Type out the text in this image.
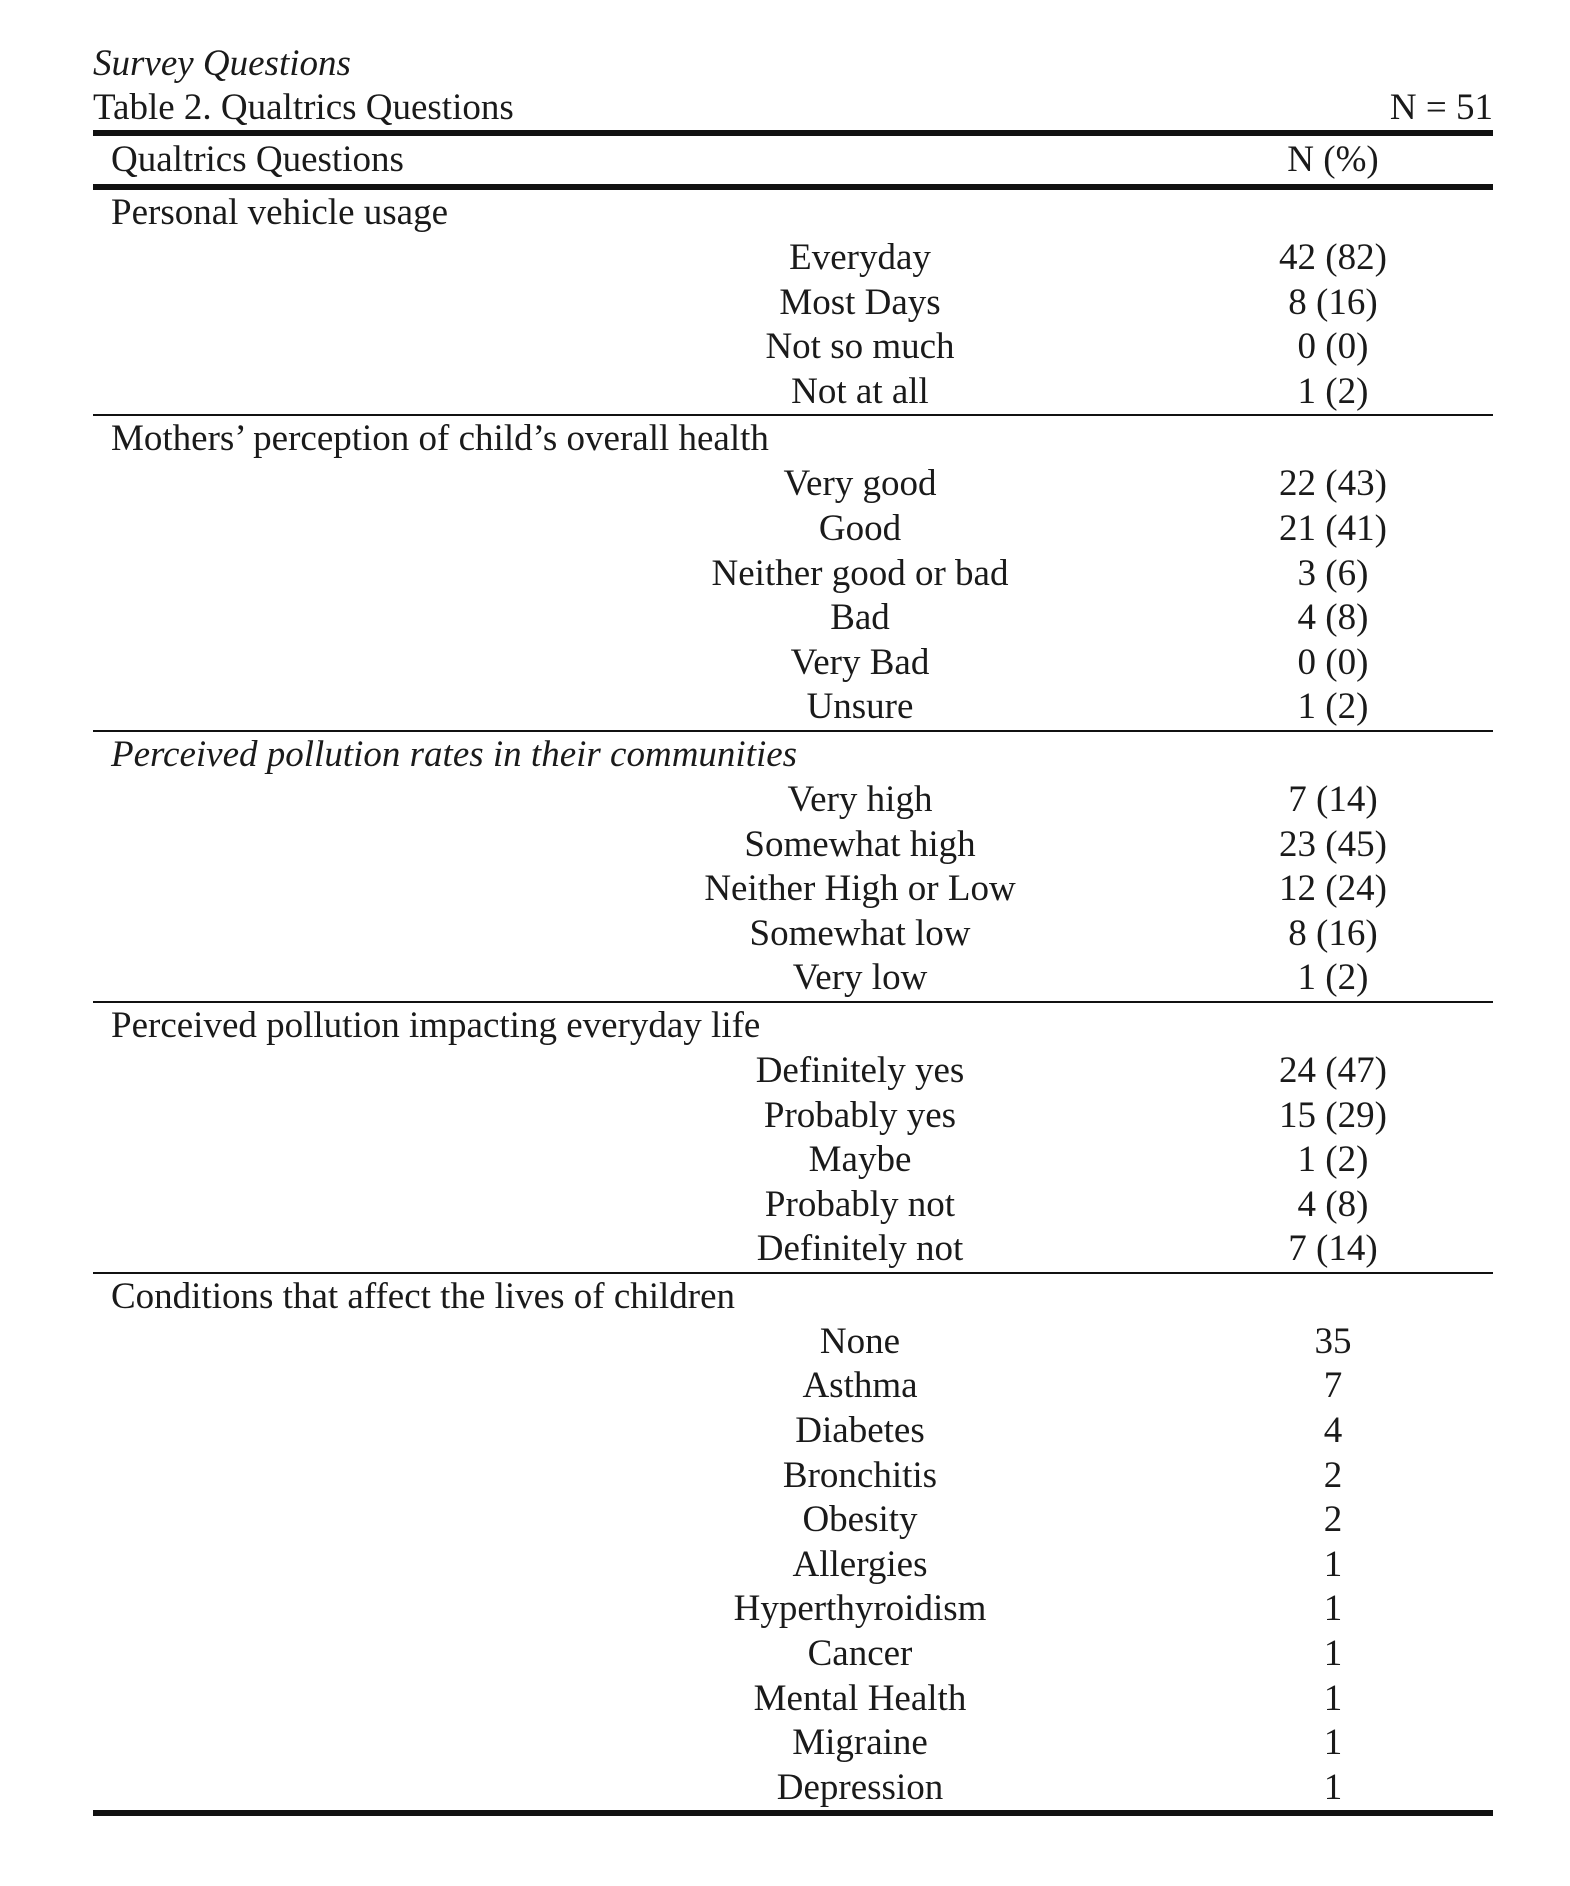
Survey Questions
Table 2. Qualtrics Questions	N = 51
Qualtrics Questions	N (%)
Personal vehicle usage
Everyday	42 (82)
Most Days	8 (16)
Not so much	0 (0)
Not at all	1 (2)
Mothers’ perception of child’s overall health
Very good	22 (43)
Good	21 (41)
Neither good or bad	3 (6)
Bad	4 (8)
Very Bad	0 (0)
Unsure	1 (2)
Perceived pollution rates in their communities
Very high	7 (14)
Somewhat high	23 (45)
Neither High or Low	12 (24)
Somewhat low	8 (16)
Very low	1 (2)
Perceived pollution impacting everyday life
Definitely yes	24 (47)
Probably yes	15 (29)
Maybe	1 (2)
Probably not	4 (8)
Definitely not	7 (14)
Conditions that affect the lives of children
None	35
Asthma	7
Diabetes	4
Bronchitis	2
Obesity	2
Allergies	1
Hyperthyroidism	1
Cancer	1
Mental Health	1
Migraine	1
Depression	1
